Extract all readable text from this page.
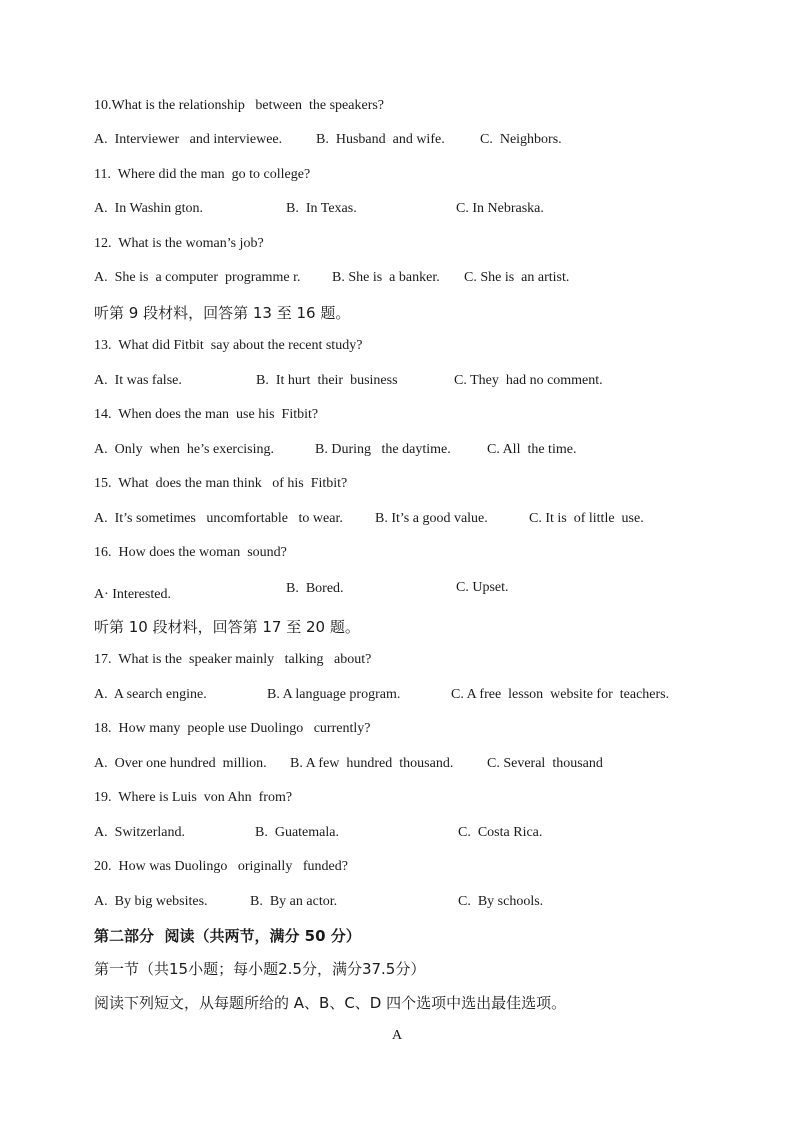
10.What is the relationship   between  the speakers?
A.  Interviewer   and interviewee. B.  Husband  and wife.	C.  Neighbors.
11.  Where did the man  go to college?
A.  In Washin gton.	B.  In Texas.	C. In Nebraska.
12.  What is the woman’s job?
A.  She is  a computer  programme r. B. She is  a banker. C. She is  an artist.
听第 9 段材料，回答第 13 至 16 题。
13.  What did Fitbit  say about the recent study?
A.  It was false.	B.  It hurt  their  business	C. They  had no comment.
14.  When does the man  use his  Fitbit?
A.  Only  when  he’s exercising.	B. During   the daytime.	C. All  the time.
15.  What  does the man think   of his  Fitbit?
A.  It’s sometimes   uncomfortable   to wear. B. It’s a good value.	C. It is  of little  use.
16.  How does the woman  sound?
A· Interested.	B.  Bored.	C. Upset.
听第 10 段材料，回答第 17 至 20 题。
17.  What is the  speaker mainly   talking   about?
A.  A search engine.	B. A language program.	C. A free  lesson  website for  teachers.
18.  How many  people use Duolingo   currently?
A.  Over one hundred  million. B. A few  hundred  thousand. C. Several  thousand
19.  Where is Luis  von Ahn  from?
A.  Switzerland.	B.  Guatemala.	C.  Costa Rica.
20.  How was Duolingo   originally   funded?
A.  By big websites.	B.  By an actor.	C.  By schools.
第二部分  阅读（共两节，满分 50 分）
第一节（共15小题；每小题2.5分，满分37.5分）
阅读下列短文，从每题所给的 A、B、C、D 四个选项中选出最佳选项。
A
